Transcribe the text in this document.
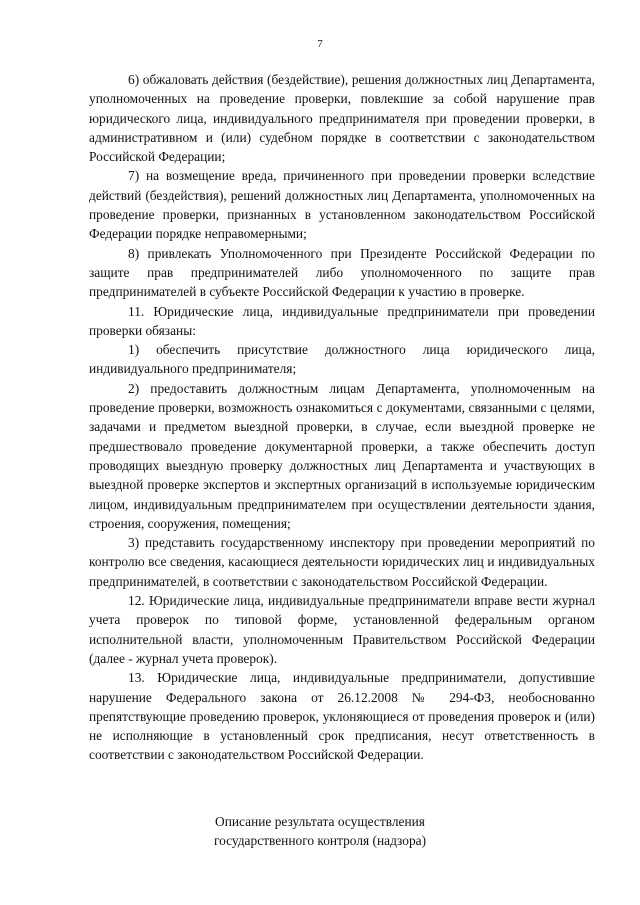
7

6) обжаловать действия (бездействие), решения должностных лиц Департамента, уполномоченных на проведение проверки, повлекшие за собой нарушение прав юридического лица, индивидуального предпринимателя при проведении проверки, в административном и (или) судебном порядке в соответствии с законодательством Российской Федерации;

7) на возмещение вреда, причиненного при проведении проверки вследствие действий (бездействия), решений должностных лиц Департамента, уполномоченных на проведение проверки, признанных в установленном законодательством Российской Федерации порядке неправомерными;

8) привлекать Уполномоченного при Президенте Российской Федерации по защите прав предпринимателей либо уполномоченного по защите прав предпринимателей в субъекте Российской Федерации к участию в проверке.

11. Юридические лица, индивидуальные предприниматели при проведении проверки обязаны:

1) обеспечить присутствие должностного лица юридического лица, индивидуального предпринимателя;

2) предоставить должностным лицам Департамента, уполномоченным на проведение проверки, возможность ознакомиться с документами, связанными с целями, задачами и предметом выездной проверки, в случае, если выездной проверке не предшествовало проведение документарной проверки, а также обеспечить доступ проводящих выездную проверку должностных лиц Департамента и участвующих в выездной проверке экспертов и экспертных организаций в используемые юридическим лицом, индивидуальным предпринимателем при осуществлении деятельности здания, строения, сооружения, помещения;

3) представить государственному инспектору при проведении мероприятий по контролю все сведения, касающиеся деятельности юридических лиц и индивидуальных предпринимателей, в соответствии с законодательством Российской Федерации.

12. Юридические лица, индивидуальные предприниматели вправе вести журнал учета проверок по типовой форме, установленной федеральным органом исполнительной власти, уполномоченным Правительством Российской Федерации (далее - журнал учета проверок).

13. Юридические лица, индивидуальные предприниматели, допустившие нарушение Федерального закона от 26.12.2008 № 294-ФЗ, необоснованно препятствующие проведению проверок, уклоняющиеся от проведения проверок и (или) не исполняющие в установленный срок предписания, несут ответственность в соответствии с законодательством Российской Федерации.

Описание результата осуществления
государственного контроля (надзора)
